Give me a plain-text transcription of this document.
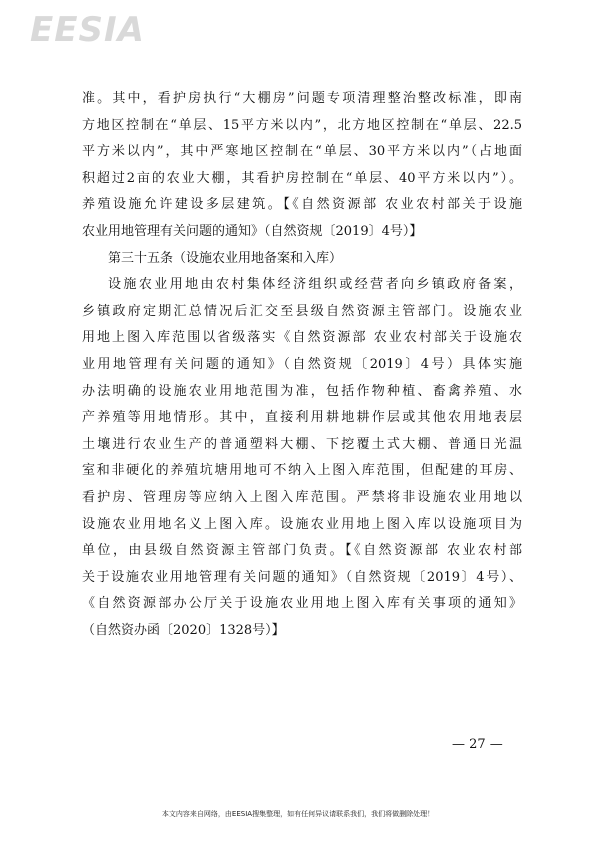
EESIA
准。其中，看护房执行“大棚房”问题专项清理整治整改标准，即南
方地区控制在“单层、15平方米以内”，北方地区控制在“单层、22.5
平方米以内”，其中严寒地区控制在“单层、30平方米以内”（占地面
积超过2亩的农业大棚，其看护房控制在“单层、40平方米以内”）。
养殖设施允许建设多层建筑。【《自然资源部 农业农村部关于设施
农业用地管理有关问题的通知》（自然资规〔2019〕4号）】
第三十五条（设施农业用地备案和入库）
设施农业用地由农村集体经济组织或经营者向乡镇政府备案，
乡镇政府定期汇总情况后汇交至县级自然资源主管部门。设施农业
用地上图入库范围以省级落实《自然资源部 农业农村部关于设施农
业用地管理有关问题的通知》（自然资规〔2019〕4号）具体实施
办法明确的设施农业用地范围为准，包括作物种植、畜禽养殖、水
产养殖等用地情形。其中，直接利用耕地耕作层或其他农用地表层
土壤进行农业生产的普通塑料大棚、下挖覆土式大棚、普通日光温
室和非硬化的养殖坑塘用地可不纳入上图入库范围，但配建的耳房、
看护房、管理房等应纳入上图入库范围。严禁将非设施农业用地以
设施农业用地名义上图入库。设施农业用地上图入库以设施项目为
单位，由县级自然资源主管部门负责。【《自然资源部 农业农村部
关于设施农业用地管理有关问题的通知》（自然资规〔2019〕4号）、
《自然资源部办公厅关于设施农业用地上图入库有关事项的通知》
（自然资办函〔2020〕1328号）】
— 27 —
本文内容来自网络，由EESIA搜集整理，如有任何异议请联系我们，我们将做删除处理！
